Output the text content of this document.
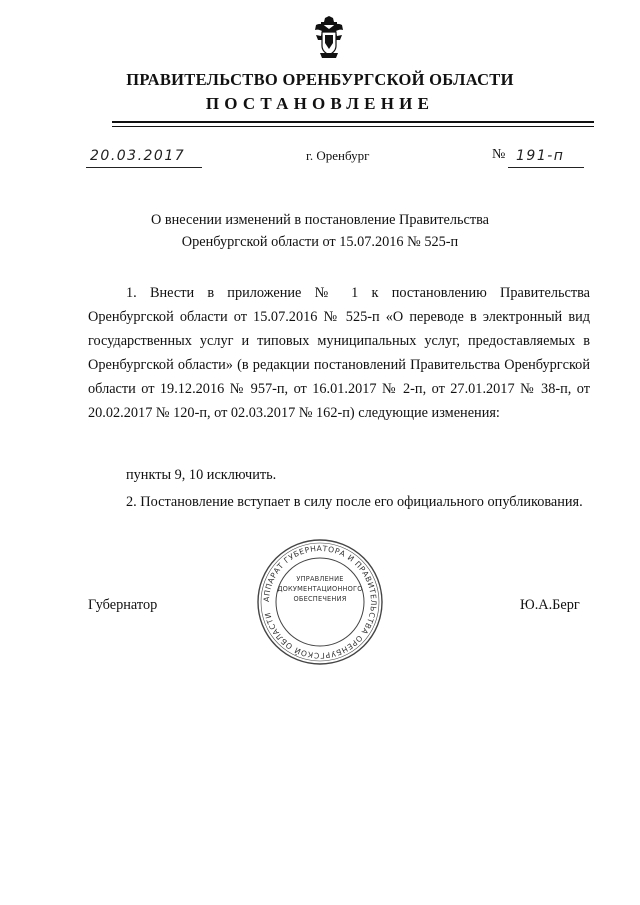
ПРАВИТЕЛЬСТВО ОРЕНБУРГСКОЙ ОБЛАСТИ
ПОСТАНОВЛЕНИЕ
20.03.2017	г. Оренбург	№ 191-п
О внесении изменений в постановление Правительства
Оренбургской области от 15.07.2016 № 525-п

1. Внести в приложение № 1 к постановлению Правительства Оренбургской области от 15.07.2016 № 525-п «О переводе в электронный вид государственных услуг и типовых муниципальных услуг, предоставляемых в Оренбургской области» (в редакции постановлений Правительства Оренбургской области от 19.12.2016 № 957-п, от 16.01.2017 № 2-п, от 27.01.2017 № 38-п, от 20.02.2017 № 120-п, от 02.03.2017 № 162-п) следующие изменения:

пункты 9, 10 исключить.

2. Постановление вступает в силу после его официального опубликования.

АППАРАТ ГУБЕРНАТОРА И ПРАВИТЕЛЬСТВА ОРЕНБУРГСКОЙ ОБЛАСТИ
УПРАВЛЕНИЕ
ДОКУМЕНТАЦИОННОГО
ОБЕСПЕЧЕНИЯ
Губернатор	Ю.А.Берг
